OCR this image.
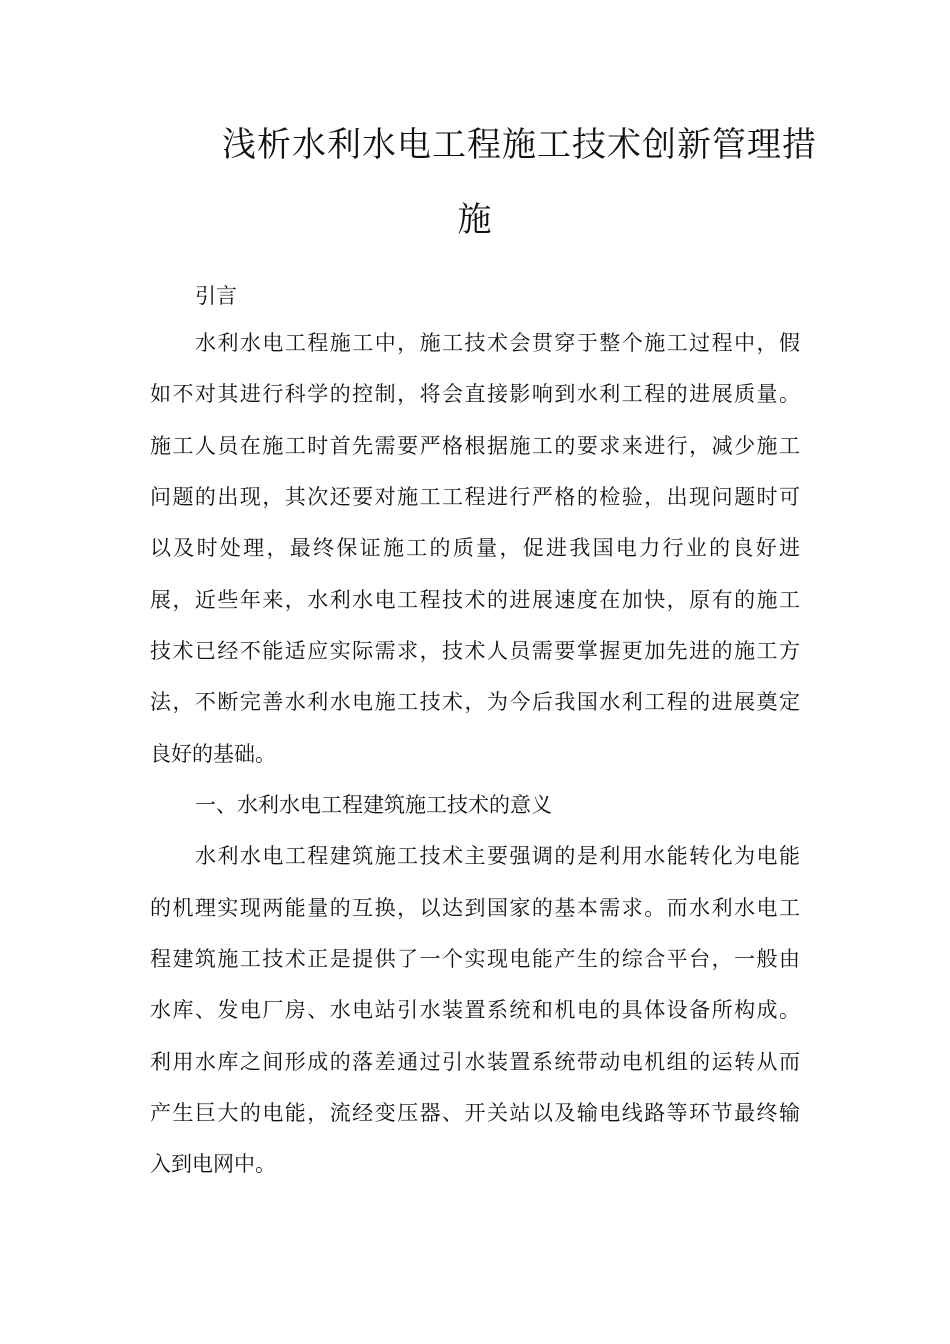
浅析水利水电工程施工技术创新管理措
施
引言
水利水电工程施工中，施工技术会贯穿于整个施工过程中，假
如不对其进行科学的控制，将会直接影响到水利工程的进展质量。
施工人员在施工时首先需要严格根据施工的要求来进行，减少施工
问题的出现，其次还要对施工工程进行严格的检验，出现问题时可
以及时处理，最终保证施工的质量，促进我国电力行业的良好进
展，近些年来，水利水电工程技术的进展速度在加快，原有的施工
技术已经不能适应实际需求，技术人员需要掌握更加先进的施工方
法，不断完善水利水电施工技术，为今后我国水利工程的进展奠定
良好的基础。
一、水利水电工程建筑施工技术的意义
水利水电工程建筑施工技术主要强调的是利用水能转化为电能
的机理实现两能量的互换，以达到国家的基本需求。而水利水电工
程建筑施工技术正是提供了一个实现电能产生的综合平台，一般由
水库、发电厂房、水电站引水装置系统和机电的具体设备所构成。
利用水库之间形成的落差通过引水装置系统带动电机组的运转从而
产生巨大的电能，流经变压器、开关站以及输电线路等环节最终输
入到电网中。
